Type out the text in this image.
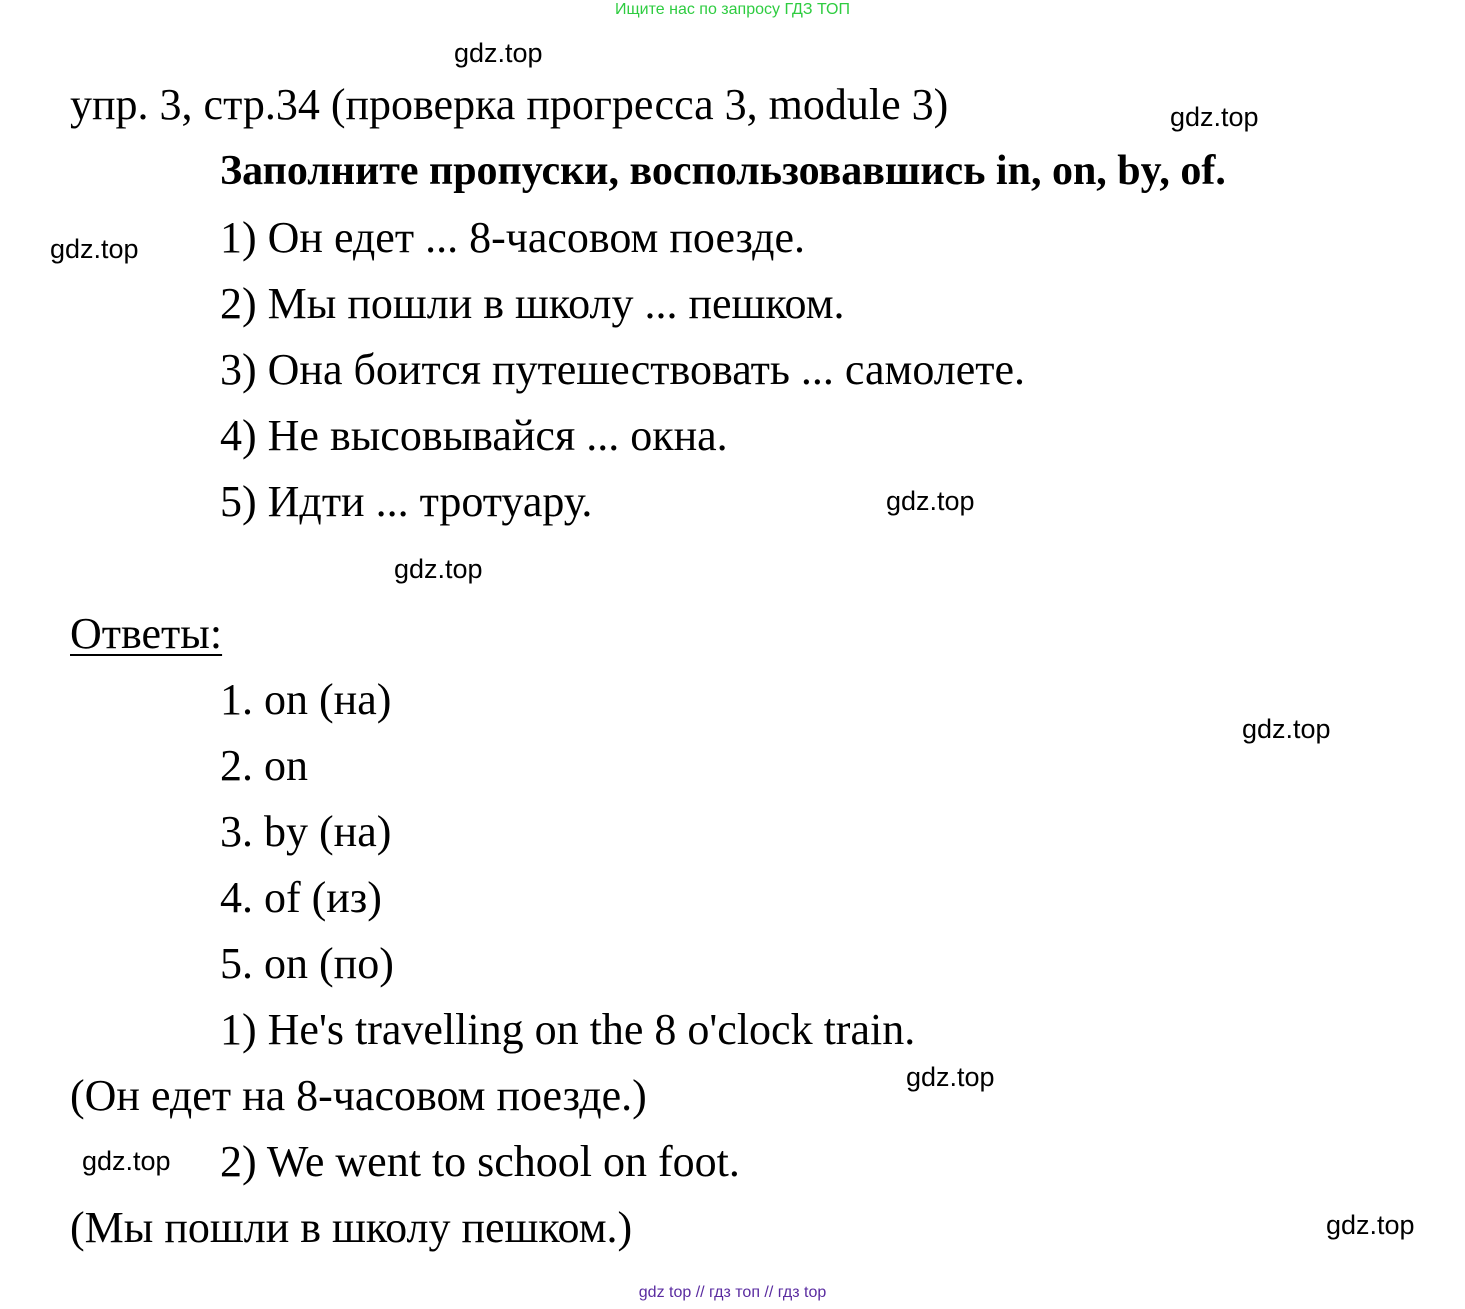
Ищите нас по запросу ГДЗ ТОП
gdz.top
gdz.top
gdz.top
gdz.top
gdz.top
gdz.top
gdz.top
gdz.top
gdz.top
упр. 3, стр.34 (проверка прогресса 3, module 3)
Заполните пропуски, воспользовавшись in, on, by, of.
1) Он едет ... 8-часовом поезде.
2) Мы пошли в школу ... пешком.
3) Она боится путешествовать ... самолете.
4) Не высовывайся ... окна.
5) Идти ... тротуару.
Ответы:
1. on (на)
2. on
3. by (на)
4. of (из)
5. on (по)
1) He's travelling on the 8 o'clock train.
(Он едет на 8-часовом поезде.)
2) We went to school on foot.
(Мы пошли в школу пешком.)
gdz top // гдз топ // гдз top
